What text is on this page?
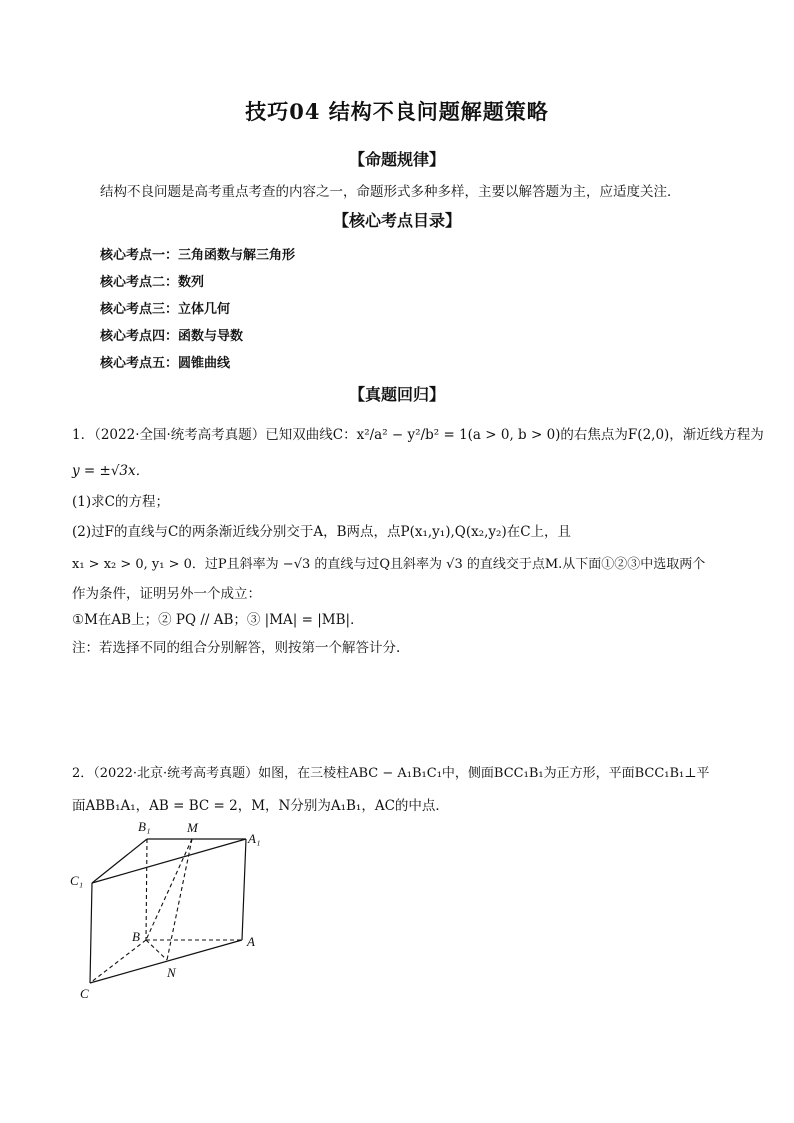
技巧04 结构不良问题解题策略
【命题规律】
结构不良问题是高考重点考查的内容之一，命题形式多种多样，主要以解答题为主，应适度关注．
【核心考点目录】
核心考点一：三角函数与解三角形
核心考点二：数列
核心考点三：立体几何
核心考点四：函数与导数
核心考点五：圆锥曲线
【真题回归】
1．（2022·全国·统考高考真题）已知双曲线C：x²/a² − y²/b² = 1(a > 0, b > 0)的右焦点为F(2,0)，渐近线方程为
y = ±√3x．
(1)求C的方程；
(2)过F的直线与C的两条渐近线分别交于A，B两点，点P(x₁,y₁),Q(x₂,y₂)在C上，且
x₁ > x₂ > 0, y₁ > 0．过P且斜率为 −√3 的直线与过Q且斜率为 √3 的直线交于点M.从下面①②③中选取两个
作为条件，证明另外一个成立：
①M在AB上；② PQ // AB；③ |MA| = |MB|．
注：若选择不同的组合分别解答，则按第一个解答计分.
2．（2022·北京·统考高考真题）如图，在三棱柱ABC − A₁B₁C₁中，侧面BCC₁B₁为正方形，平面BCC₁B₁⊥平
面ABB₁A₁，AB = BC = 2，M，N分别为A₁B₁，AC的中点．
B₁	M
A₁
C₁
B	A
N
C
